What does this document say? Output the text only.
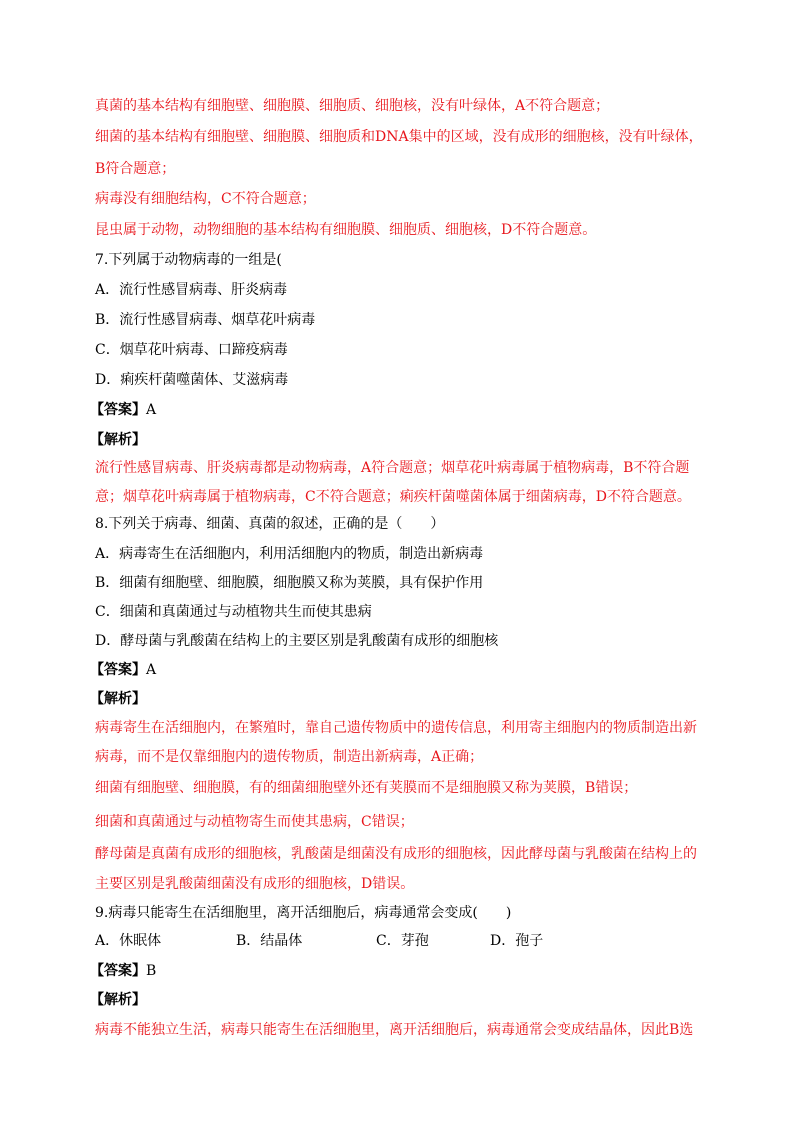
真菌的基本结构有细胞壁、细胞膜、细胞质、细胞核，没有叶绿体，A不符合题意；
细菌的基本结构有细胞壁、细胞膜、细胞质和DNA集中的区域，没有成形的细胞核，没有叶绿体，
B符合题意；
病毒没有细胞结构，C不符合题意；
昆虫属于动物，动物细胞的基本结构有细胞膜、细胞质、细胞核，D不符合题意。
7.下列属于动物病毒的一组是(
A．流行性感冒病毒、肝炎病毒
B．流行性感冒病毒、烟草花叶病毒
C．烟草花叶病毒、口蹄疫病毒
D．痢疾杆菌噬菌体、艾滋病毒
【答案】A
【解析】
流行性感冒病毒、肝炎病毒都是动物病毒，A符合题意；烟草花叶病毒属于植物病毒，B不符合题
意；烟草花叶病毒属于植物病毒，C不符合题意；痢疾杆菌噬菌体属于细菌病毒，D不符合题意。
8.下列关于病毒、细菌、真菌的叙述，正确的是（　　）
A．病毒寄生在活细胞内，利用活细胞内的物质，制造出新病毒
B．细菌有细胞壁、细胞膜，细胞膜又称为荚膜，具有保护作用
C．细菌和真菌通过与动植物共生而使其患病
D．酵母菌与乳酸菌在结构上的主要区别是乳酸菌有成形的细胞核
【答案】A
【解析】
病毒寄生在活细胞内，在繁殖时，靠自己遗传物质中的遗传信息，利用寄主细胞内的物质制造出新
病毒，而不是仅靠细胞内的遗传物质，制造出新病毒，A正确；
细菌有细胞壁、细胞膜，有的细菌细胞壁外还有荚膜而不是细胞膜又称为荚膜，B错误；
细菌和真菌通过与动植物寄生而使其患病，C错误；
酵母菌是真菌有成形的细胞核，乳酸菌是细菌没有成形的细胞核，因此酵母菌与乳酸菌在结构上的
主要区别是乳酸菌细菌没有成形的细胞核，D错误。
9.病毒只能寄生在活细胞里，离开活细胞后，病毒通常会变成(　　)
A．休眠体	B．结晶体	C．芽孢	D．孢子
【答案】B
【解析】
病毒不能独立生活，病毒只能寄生在活细胞里，离开活细胞后，病毒通常会变成结晶体，因此B选
